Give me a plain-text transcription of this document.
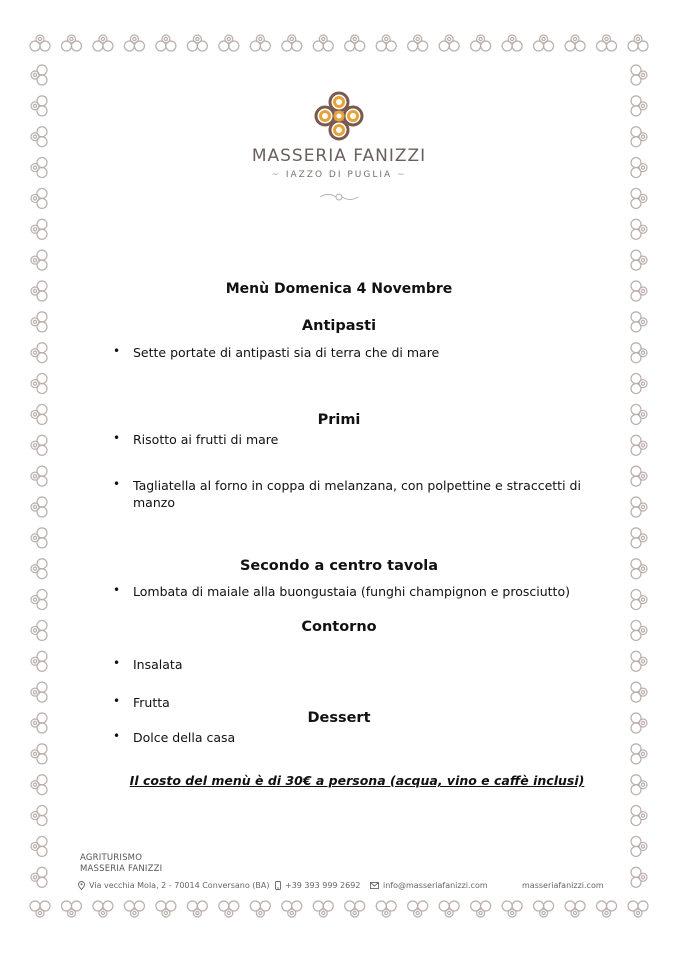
MASSERIA FANIZZI
~ IAZZO DI PUGLIA ~
Menù Domenica 4 Novembre
Antipasti
• Sette portate di antipasti sia di terra che di mare
Primi
• Risotto ai frutti di mare
• Tagliatella al forno in coppa di melanzana, con polpettine e straccetti di manzo
Secondo a centro tavola
• Lombata di maiale alla buongustaia (funghi champignon e prosciutto)
Contorno
• Insalata
• Frutta
Dessert
• Dolce della casa
Il costo del menù è di 30€ a persona (acqua, vino e caffè inclusi)
AGRITURISMO
MASSERIA FANIZZI
Via vecchia Mola, 2 - 70014 Conversano (BA)	+39 393 999 2692	info@masseriafanizzi.com	masseriafanizzi.com
